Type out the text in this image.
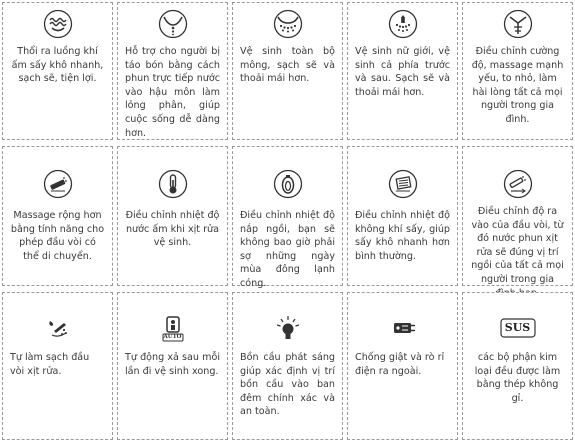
Thổi ra luồng khí ấm sấy khô nhanh, sạch sẽ, tiện lợi.
Hỗ trợ cho người bị táo bón bằng cách phun trực tiếp nước vào hậu môn làm lỏng phân, giúp cuộc sống dễ dàng hơn.
Vệ sinh toàn bộ mông, sạch sẽ và thoải mái hơn.
Vệ sinh nữ giới, vệ sinh cả phía trước và sau. Sạch sẽ và thoải mái hơn.
Điều chỉnh cường độ, massage mạnh yếu, to nhỏ, làm hài lòng tất cả mọi người trong gia đình.
Massage rộng hơn bằng tính năng cho phép đầu vòi có thể di chuyển.
Điều chỉnh nhiệt độ nước ấm khi xịt rửa vệ sinh.
Điều chỉnh nhiệt độ nắp ngồi, bạn sẽ không bao giờ phải sợ những ngày mùa đông lạnh cóng.
Điều chỉnh nhiệt độ không khí sấy, giúp sấy khô nhanh hơn bình thường.
Điều chỉnh độ ra vào của đầu vòi, từ đó nước phun xịt rửa sẽ đúng vị trí ngồi của tất cả mọi người trong gia
Tự làm sạch đầu vòi xịt rửa.
AUTO
Tự động xả sau mỗi lần đi vệ sinh xong.
Bồn cầu phát sáng giúp xác định vị trí bồn cầu vào ban đêm chính xác và an toàn.
Chống giật và rò rỉ điện ra ngoài.
SUS
các bộ phận kim loại đều được làm bằng thép không gỉ.
